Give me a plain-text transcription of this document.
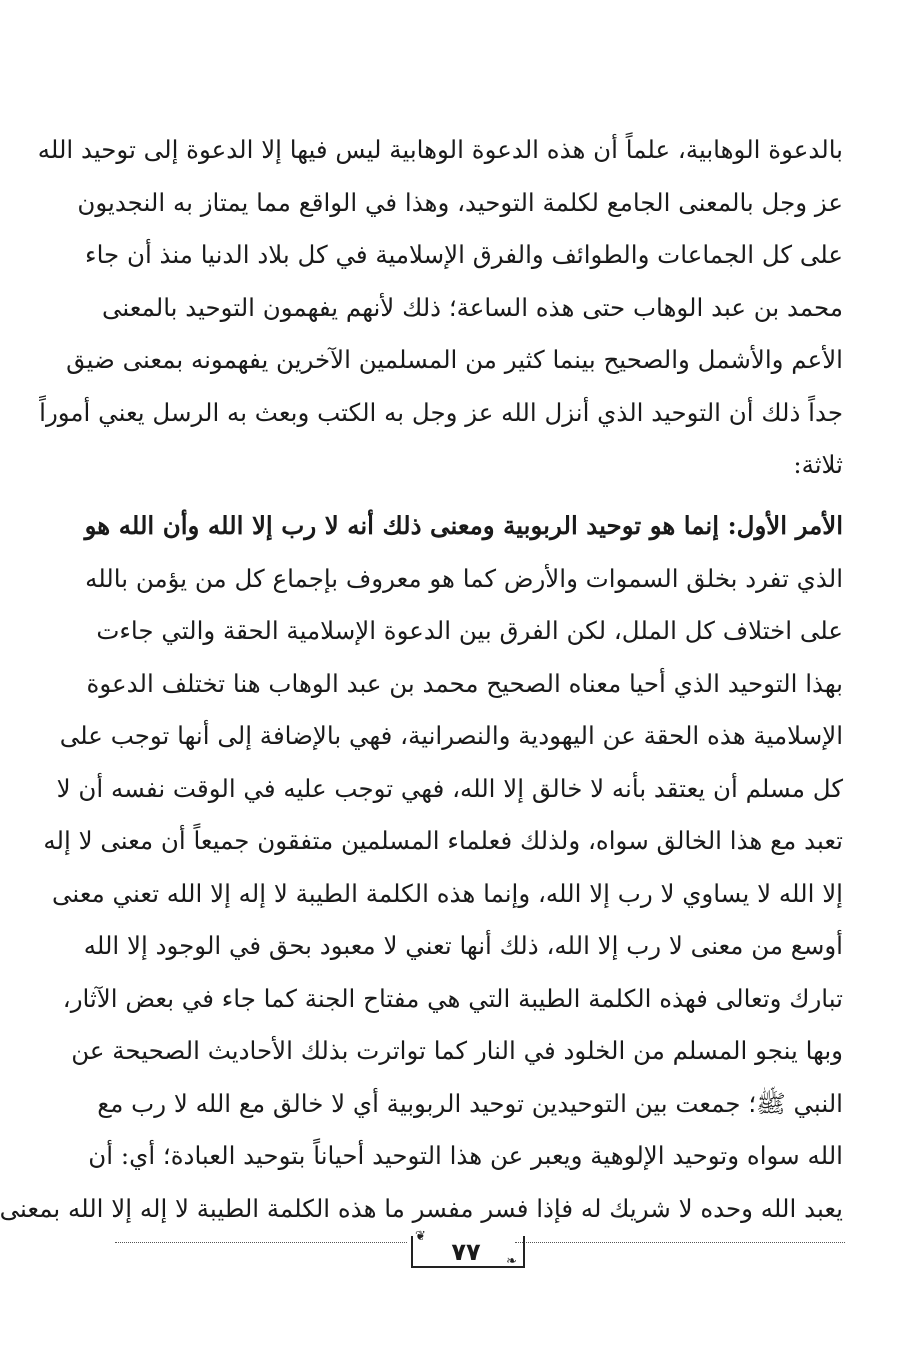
بالدعوة الوهابية، علماً أن هذه الدعوة الوهابية ليس فيها إلا الدعوة إلى توحيد الله
عز وجل بالمعنى الجامع لكلمة التوحيد، وهذا في الواقع مما يمتاز به النجديون
على كل الجماعات والطوائف والفرق الإسلامية في كل بلاد الدنيا منذ أن جاء
محمد بن عبد الوهاب حتى هذه الساعة؛ ذلك لأنهم يفهمون التوحيد بالمعنى
الأعم والأشمل والصحيح بينما كثير من المسلمين الآخرين يفهمونه بمعنى ضيق
جداً ذلك أن التوحيد الذي أنزل الله عز وجل به الكتب وبعث به الرسل يعني أموراً
ثلاثة:
الأمر الأول: إنما هو توحيد الربوبية ومعنى ذلك أنه لا رب إلا الله وأن الله هو
الذي تفرد بخلق السموات والأرض كما هو معروف بإجماع كل من يؤمن بالله
على اختلاف كل الملل، لكن الفرق بين الدعوة الإسلامية الحقة والتي جاءت
بهذا التوحيد الذي أحيا معناه الصحيح محمد بن عبد الوهاب هنا تختلف الدعوة
الإسلامية هذه الحقة عن اليهودية والنصرانية، فهي بالإضافة إلى أنها توجب على
كل مسلم أن يعتقد بأنه لا خالق إلا الله، فهي توجب عليه في الوقت نفسه أن لا
تعبد مع هذا الخالق سواه، ولذلك فعلماء المسلمين متفقون جميعاً أن معنى لا إله
إلا الله لا يساوي لا رب إلا الله، وإنما هذه الكلمة الطيبة لا إله إلا الله تعني معنى
أوسع من معنى لا رب إلا الله، ذلك أنها تعني لا معبود بحق في الوجود إلا الله
تبارك وتعالى فهذه الكلمة الطيبة التي هي مفتاح الجنة كما جاء في بعض الآثار،
وبها ينجو المسلم من الخلود في النار كما تواترت بذلك الأحاديث الصحيحة عن
النبي ﷺ؛ جمعت بين التوحيدين توحيد الربوبية أي لا خالق مع الله لا رب مع
الله سواه وتوحيد الإلوهية ويعبر عن هذا التوحيد أحياناً بتوحيد العبادة؛ أي: أن
يعبد الله وحده لا شريك له فإذا فسر مفسر ما هذه الكلمة الطيبة لا إله إلا الله بمعنى
❦
❧
٧٧
